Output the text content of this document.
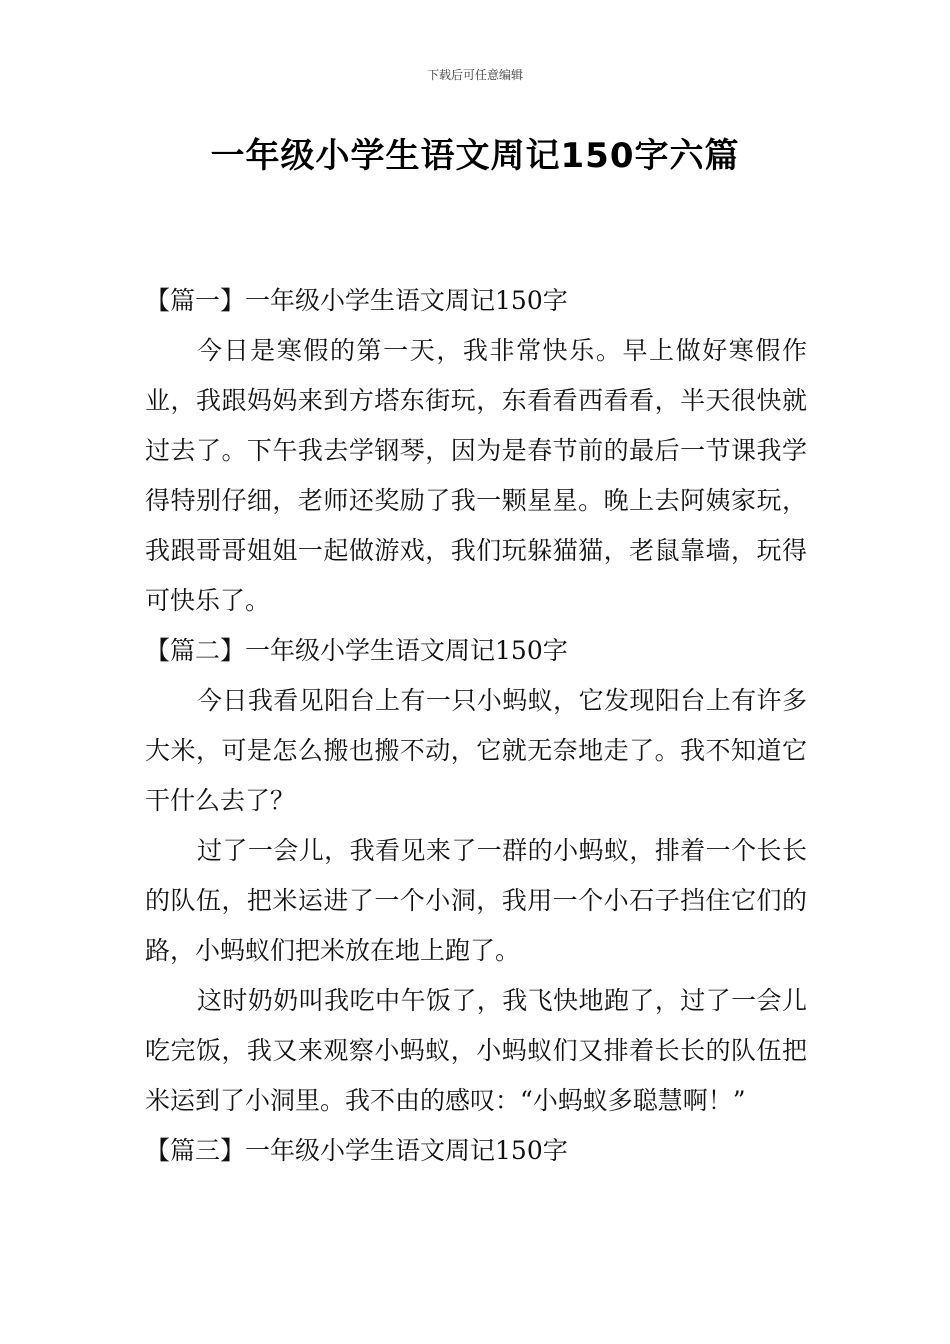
下载后可任意编辑
一年级小学生语文周记150字六篇

【篇一】一年级小学生语文周记150字

今日是寒假的第一天，我非常快乐。早上做好寒假作业，我跟妈妈来到方塔东街玩，东看看西看看，半天很快就过去了。下午我去学钢琴，因为是春节前的最后一节课我学得特别仔细，老师还奖励了我一颗星星。晚上去阿姨家玩，我跟哥哥姐姐一起做游戏，我们玩躲猫猫，老鼠靠墙，玩得可快乐了。

【篇二】一年级小学生语文周记150字

今日我看见阳台上有一只小蚂蚁，它发现阳台上有许多大米，可是怎么搬也搬不动，它就无奈地走了。我不知道它干什么去了？

过了一会儿，我看见来了一群的小蚂蚁，排着一个长长的队伍，把米运进了一个小洞，我用一个小石子挡住它们的路，小蚂蚁们把米放在地上跑了。

这时奶奶叫我吃中午饭了，我飞快地跑了，过了一会儿吃完饭，我又来观察小蚂蚁，小蚂蚁们又排着长长的队伍把米运到了小洞里。我不由的感叹：“小蚂蚁多聪慧啊！”

【篇三】一年级小学生语文周记150字
